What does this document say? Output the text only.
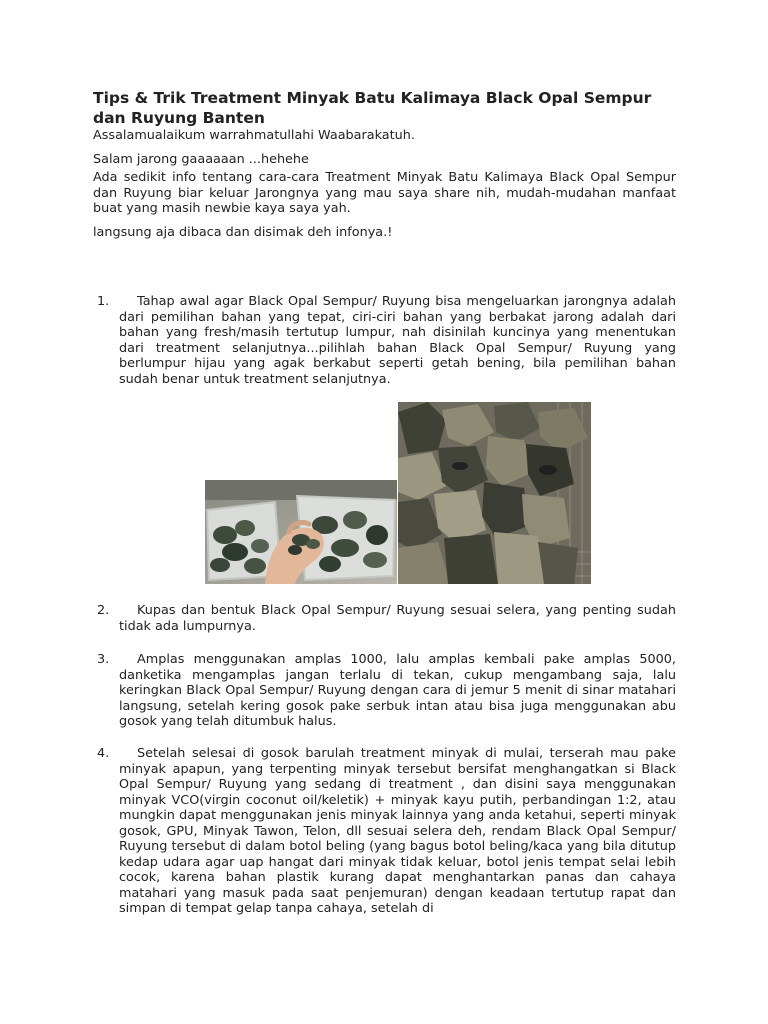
Tips & Trik Treatment Minyak Batu Kalimaya Black Opal Sempur dan Ruyung Banten
Assalamualaikum warrahmatullahi Waabarakatuh.
Salam jarong gaaaaaan ...hehehe
Ada sedikit info tentang cara-cara Treatment Minyak Batu Kalimaya Black Opal Sempur dan Ruyung biar keluar Jarongnya yang mau saya share nih, mudah-mudahan manfaat buat yang masih newbie kaya saya yah.
langsung aja dibaca dan disimak deh infonya.!
1.	Tahap awal agar Black Opal Sempur/ Ruyung bisa mengeluarkan jarongnya adalah dari pemilihan bahan yang tepat, ciri-ciri bahan yang berbakat jarong adalah dari bahan yang fresh/masih tertutup lumpur, nah disinilah kuncinya yang menentukan dari treatment selanjutnya...pilihlah bahan Black Opal Sempur/ Ruyung yang berlumpur hijau yang agak berkabut seperti getah bening, bila pemilihan bahan sudah benar untuk treatment selanjutnya.
2.	Kupas dan bentuk Black Opal Sempur/ Ruyung sesuai selera, yang penting sudah tidak ada lumpurnya.
3.	Amplas menggunakan amplas 1000, lalu amplas kembali pake amplas 5000, danketika mengamplas jangan terlalu di tekan, cukup mengambang saja, lalu keringkan Black Opal Sempur/ Ruyung dengan cara di jemur 5 menit di sinar matahari langsung, setelah kering gosok pake serbuk intan atau bisa juga menggunakan abu gosok yang telah ditumbuk halus.
4.	Setelah selesai di gosok barulah treatment minyak di mulai, terserah mau pake minyak apapun, yang terpenting minyak tersebut bersifat menghangatkan si Black Opal Sempur/ Ruyung yang sedang di treatment , dan disini saya menggunakan minyak VCO(virgin coconut oil/keletik) + minyak kayu putih, perbandingan 1:2, atau mungkin dapat menggunakan jenis minyak lainnya yang anda ketahui, seperti minyak gosok, GPU, Minyak Tawon, Telon, dll sesuai selera deh, rendam Black Opal Sempur/ Ruyung tersebut di dalam botol beling (yang bagus botol beling/kaca yang bila ditutup kedap udara agar uap hangat dari minyak tidak keluar, botol jenis tempat selai lebih cocok, karena bahan plastik kurang dapat menghantarkan panas dan cahaya matahari yang masuk pada saat penjemuran) dengan keadaan tertutup rapat dan simpan di tempat gelap tanpa cahaya, setelah di
